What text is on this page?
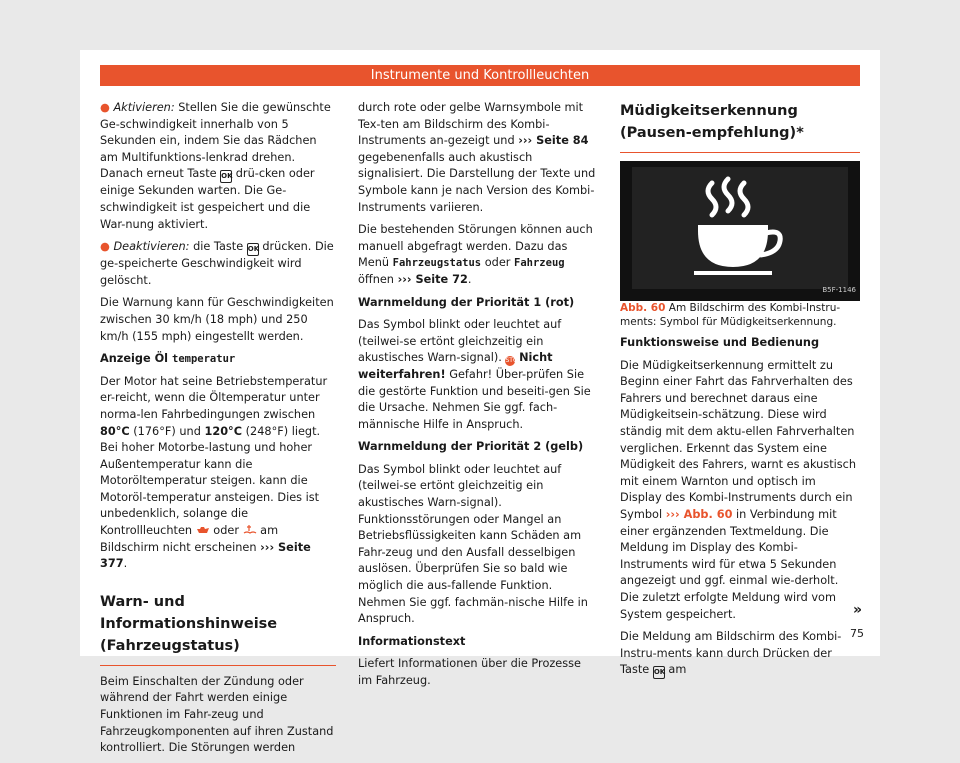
Instrumente und Kontrollleuchten

● Aktivieren: Stellen Sie die gewünschte Ge-schwindigkeit innerhalb von 5 Sekunden ein, indem Sie das Rädchen am Multifunktions-lenkrad drehen. Danach erneut Taste OK drü-cken oder einige Sekunden warten. Die Ge-schwindigkeit ist gespeichert und die War-nung aktiviert.

● Deaktivieren: die Taste OK drücken. Die ge-speicherte Geschwindigkeit wird gelöscht.

Die Warnung kann für Geschwindigkeiten zwischen 30 km/h (18 mph) und 250 km/h (155 mph) eingestellt werden.

Anzeige Öl temperatur

Der Motor hat seine Betriebstemperatur er-reicht, wenn die Öltemperatur unter norma-len Fahrbedingungen zwischen 80°C (176°F) und 120°C (248°F) liegt. Bei hoher Motorbe-lastung und hoher Außentemperatur kann die Motoröltemperatur steigen. kann die Motoröl-temperatur ansteigen. Dies ist unbedenklich, solange die Kontrollleuchten oder am Bildschirm nicht erscheinen ››› Seite 377.

Warn- und Informationshinweise (Fahrzeugstatus)

Beim Einschalten der Zündung oder während der Fahrt werden einige Funktionen im Fahr-zeug und Fahrzeugkomponenten auf ihren Zustand kontrolliert. Die Störungen werden

durch rote oder gelbe Warnsymbole mit Tex-ten am Bildschirm des Kombi-Instruments an-gezeigt und ››› Seite 84 gegebenenfalls auch akustisch signalisiert. Die Darstellung der Texte und Symbole kann je nach Version des Kombi-Instruments variieren.

Die bestehenden Störungen können auch manuell abgefragt werden. Dazu das Menü Fahrzeugstatus oder Fahrzeug öffnen ››› Seite 72.

Warnmeldung der Priorität 1 (rot)

Das Symbol blinkt oder leuchtet auf (teilwei-se ertönt gleichzeitig ein akustisches Warn-signal). STOP Nicht weiterfahren! Gefahr! Über-prüfen Sie die gestörte Funktion und beseiti-gen Sie die Ursache. Nehmen Sie ggf. fach-männische Hilfe in Anspruch.

Warnmeldung der Priorität 2 (gelb)

Das Symbol blinkt oder leuchtet auf (teilwei-se ertönt gleichzeitig ein akustisches Warn-signal). Funktionsstörungen oder Mangel an Betriebsflüssigkeiten kann Schäden am Fahr-zeug und den Ausfall desselbigen auslösen. Überprüfen Sie so bald wie möglich die aus-fallende Funktion. Nehmen Sie ggf. fachmän-nische Hilfe in Anspruch.

Informationstext

Liefert Informationen über die Prozesse im Fahrzeug.

Müdigkeitserkennung (Pausen-empfehlung)*
B5F-1146

Abb. 60 Am Bildschirm des Kombi-Instru-ments: Symbol für Müdigkeitserkennung.

Funktionsweise und Bedienung

Die Müdigkeitserkennung ermittelt zu Beginn einer Fahrt das Fahrverhalten des Fahrers und berechnet daraus eine Müdigkeitsein-schätzung. Diese wird ständig mit dem aktu-ellen Fahrverhalten verglichen. Erkennt das System eine Müdigkeit des Fahrers, warnt es akustisch mit einem Warnton und optisch im Display des Kombi-Instruments durch ein Symbol ››› Abb. 60 in Verbindung mit einer ergänzenden Textmeldung. Die Meldung im Display des Kombi-Instruments wird für etwa 5 Sekunden angezeigt und ggf. einmal wie-derholt. Die zuletzt erfolgte Meldung wird vom System gespeichert.

Die Meldung am Bildschirm des Kombi-Instru-ments kann durch Drücken der Taste OK am

»
75
